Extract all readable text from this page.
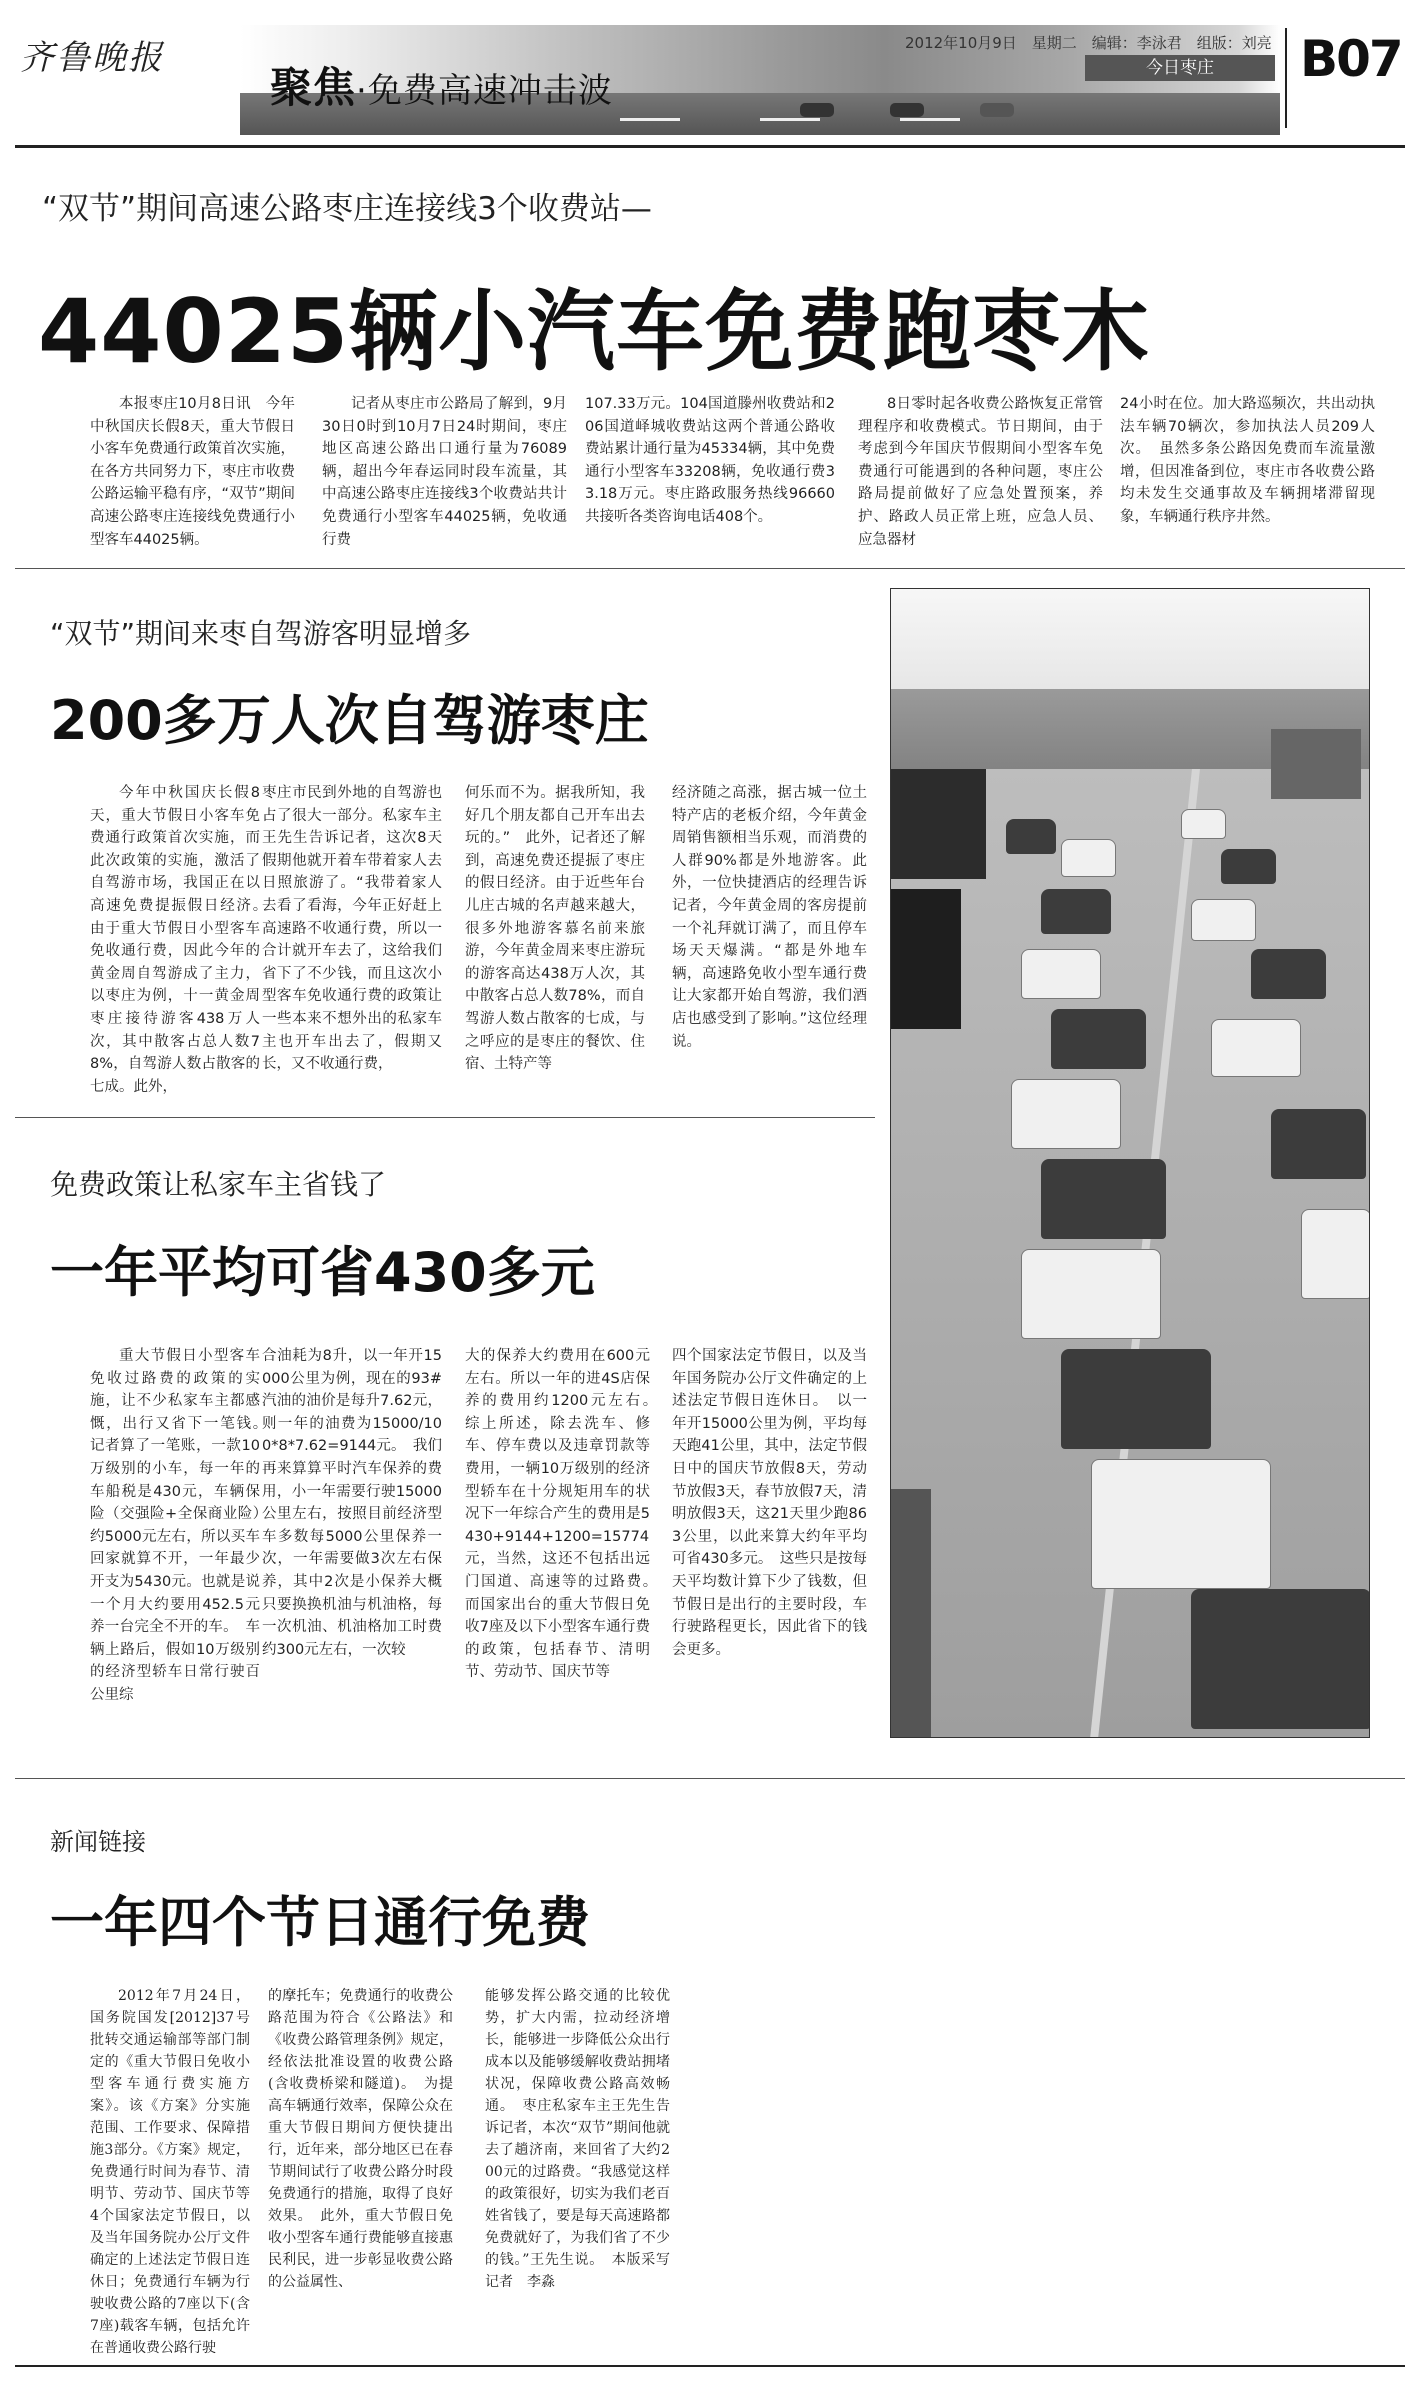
齐鲁晚报
聚焦·免费高速冲击波
2012年10月9日　星期二　编辑：李泳君　组版：刘亮
今日枣庄	B07
“双节”期间高速公路枣庄连接线3个收费站—
44025辆小汽车免费跑枣木

本报枣庄10月8日讯　今年中秋国庆长假8天，重大节假日小客车免费通行政策首次实施，在各方共同努力下，枣庄市收费公路运输平稳有序，“双节”期间高速公路枣庄连接线免费通行小型客车44025辆。

记者从枣庄市公路局了解到，9月30日0时到10月7日24时期间，枣庄地区高速公路出口通行量为76089辆，超出今年春运同时段车流量，其中高速公路枣庄连接线3个收费站共计免费通行小型客车44025辆，免收通行费

107.33万元。104国道滕州收费站和206国道峄城收费站这两个普通公路收费站累计通行量为45334辆，其中免费通行小型客车33208辆，免收通行费33.18万元。枣庄路政服务热线96660共接听各类咨询电话408个。

8日零时起各收费公路恢复正常管理程序和收费模式。节日期间，由于考虑到今年国庆节假期间小型客车免费通行可能遇到的各种问题，枣庄公路局提前做好了应急处置预案，养护、路政人员正常上班，应急人员、应急器材

24小时在位。加大路巡频次，共出动执法车辆70辆次，参加执法人员209人次。　虽然多条公路因免费而车流量激增，但因准备到位，枣庄市各收费公路均未发生交通事故及车辆拥堵滞留现象，车辆通行秩序井然。

“双节”期间来枣自驾游客明显增多
200多万人次自驾游枣庄

今年中秋国庆长假8天，重大节假日小客车免费通行政策首次实施，而此次政策的实施，激活了自驾游市场，我国正在以高速免费提振假日经济。　由于重大节假日小型客车免收通行费，因此今年的黄金周自驾游成了主力，以枣庄为例，十一黄金周枣庄接待游客438万人次，其中散客占总人数78%，自驾游人数占散客的七成。此外，

枣庄市民到外地的自驾游也占了很大一部分。私家车主王先生告诉记者，这次8天假期他就开着车带着家人去日照旅游了。“我带着家人去看了看海，今年正好赶上高速路不收通行费，所以一合计就开车去了，这给我们省下了不少钱，而且这次小型客车免收通行费的政策让一些本来不想外出的私家车主也开车出去了，假期又长，又不收通行费，

何乐而不为。据我所知，我好几个朋友都自己开车出去玩的。”　此外，记者还了解到，高速免费还提振了枣庄的假日经济。由于近些年台儿庄古城的名声越来越大，很多外地游客慕名前来旅游，今年黄金周来枣庄游玩的游客高达438万人次，其中散客占总人数78%，而自驾游人数占散客的七成，与之呼应的是枣庄的餐饮、住宿、土特产等

经济随之高涨，据古城一位土特产店的老板介绍，今年黄金周销售额相当乐观，而消费的人群90%都是外地游客。此外，一位快捷酒店的经理告诉记者，今年黄金周的客房提前一个礼拜就订满了，而且停车场天天爆满。“都是外地车辆，高速路免收小型车通行费让大家都开始自驾游，我们酒店也感受到了影响。”这位经理说。

免费政策让私家车主省钱了
一年平均可省430多元

重大节假日小型客车免收过路费的政策的实施，让不少私家车主都感慨，出行又省下一笔钱。　记者算了一笔账，一款10万级别的小车，每一年的车船税是430元，车辆保险（交强险+全保商业险）约5000元左右，所以买车回家就算不开，一年最少开支为5430元。也就是说一个月大约要用452.5元养一台完全不开的车。　车辆上路后，假如10万级别的经济型轿车日常行驶百公里综

合油耗为8升，以一年开15000公里为例，现在的93#汽油的油价是每升7.62元，则一年的油费为15000/100*8*7.62=9144元。　我们再来算算平时汽车保养的费用，小一年需要行驶15000公里左右，按照目前经济型车多数每5000公里保养一次，一年需要做3次左右保养，其中2次是小保养大概只要换换机油与机油格，每一次机油、机油格加工时费约300元左右，一次较

大的保养大约费用在600元左右。所以一年的进4S店保养的费用约1200元左右。　综上所述，除去洗车、修车、停车费以及违章罚款等费用，一辆10万级别的经济型轿车在十分规矩用车的状况下一年综合产生的费用是5430+9144+1200=15774元，当然，这还不包括出远门国道、高速等的过路费。　而国家出台的重大节假日免收7座及以下小型客车通行费的政策，包括春节、清明节、劳动节、国庆节等

四个国家法定节假日，以及当年国务院办公厅文件确定的上述法定节假日连休日。　以一年开15000公里为例，平均每天跑41公里，其中，法定节假日中的国庆节放假8天，劳动节放假3天，春节放假7天，清明放假3天，这21天里少跑863公里，以此来算大约年平均可省430多元。　这些只是按每天平均数计算下少了钱数，但节假日是出行的主要时段，车行驶路程更长，因此省下的钱会更多。

新闻链接
一年四个节日通行免费

2012年7月24日，国务院国发[2012]37号批转交通运输部等部门制定的《重大节假日免收小型客车通行费实施方案》。该《方案》分实施范围、工作要求、保障措施3部分。《方案》规定，免费通行时间为春节、清明节、劳动节、国庆节等4个国家法定节假日，以及当年国务院办公厅文件确定的上述法定节假日连休日；免费通行车辆为行驶收费公路的7座以下(含7座)载客车辆，包括允许在普通收费公路行驶

的摩托车；免费通行的收费公路范围为符合《公路法》和《收费公路管理条例》规定，经依法批准设置的收费公路(含收费桥梁和隧道)。　为提高车辆通行效率，保障公众在重大节假日期间方便快捷出行，近年来，部分地区已在春节期间试行了收费公路分时段免费通行的措施，取得了良好效果。　此外，重大节假日免收小型客车通行费能够直接惠民利民，进一步彰显收费公路的公益属性、

能够发挥公路交通的比较优势，扩大内需，拉动经济增长，能够进一步降低公众出行成本以及能够缓解收费站拥堵状况，保障收费公路高效畅通。　枣庄私家车主王先生告诉记者，本次“双节”期间他就去了趟济南，来回省了大约200元的过路费。“我感觉这样的政策很好，切实为我们老百姓省钱了，要是每天高速路都免费就好了，为我们省了不少的钱。”王先生说。　本版采写　记者　李淼
